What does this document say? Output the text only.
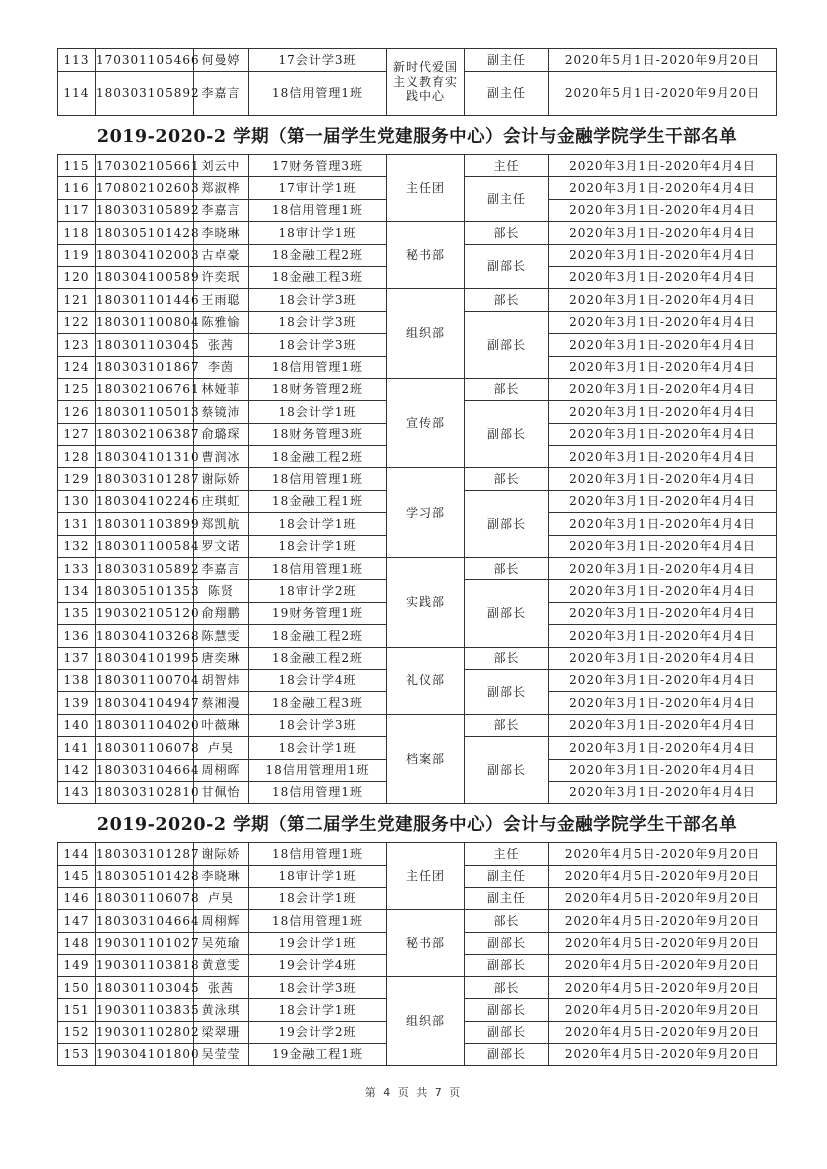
113	170301105466	何曼婷	17会计学3班	新时代爱国主义教育实践中心	副主任	2020年5月1日-2020年9月20日
114	180303105892	李嘉言	18信用管理1班		副主任	2020年5月1日-2020年9月20日
2019-2020-2 学期（第一届学生党建服务中心）会计与金融学院学生干部名单
115	170302105661	刘云中	17财务管理3班	主任团	主任	2020年3月1日-2020年4月4日
116	170802102603	郑淑桦	17审计学1班		副主任	2020年3月1日-2020年4月4日
117	180303105892	李嘉言	18信用管理1班			2020年3月1日-2020年4月4日
118	180305101428	李晓琳	18审计学1班	秘书部	部长	2020年3月1日-2020年4月4日
119	180304102003	古卓豪	18金融工程2班		副部长	2020年3月1日-2020年4月4日
120	180304100589	许奕珉	18金融工程3班			2020年3月1日-2020年4月4日
121	180301101446	王雨聪	18会计学3班	组织部	部长	2020年3月1日-2020年4月4日
122	180301100804	陈雅愉	18会计学3班		副部长	2020年3月1日-2020年4月4日
123	180301103045	张茜	18会计学3班			2020年3月1日-2020年4月4日
124	180303101867	李茵	18信用管理1班			2020年3月1日-2020年4月4日
125	180302106761	林娅菲	18财务管理2班	宣传部	部长	2020年3月1日-2020年4月4日
126	180301105013	蔡镜沛	18会计学1班		副部长	2020年3月1日-2020年4月4日
127	180302106387	俞璐琛	18财务管理3班			2020年3月1日-2020年4月4日
128	180304101310	曹润冰	18金融工程2班			2020年3月1日-2020年4月4日
129	180303101287	谢际娇	18信用管理1班	学习部	部长	2020年3月1日-2020年4月4日
130	180304102246	庄琪虹	18金融工程1班		副部长	2020年3月1日-2020年4月4日
131	180301103899	郑凯航	18会计学1班			2020年3月1日-2020年4月4日
132	180301100584	罗文诺	18会计学1班			2020年3月1日-2020年4月4日
133	180303105892	李嘉言	18信用管理1班	实践部	部长	2020年3月1日-2020年4月4日
134	180305101353	陈贤	18审计学2班		副部长	2020年3月1日-2020年4月4日
135	190302105120	俞翔鹏	19财务管理1班			2020年3月1日-2020年4月4日
136	180304103268	陈慧雯	18金融工程2班			2020年3月1日-2020年4月4日
137	180304101995	唐奕琳	18金融工程2班	礼仪部	部长	2020年3月1日-2020年4月4日
138	180301100704	胡智炜	18会计学4班		副部长	2020年3月1日-2020年4月4日
139	180304104947	蔡湘漫	18金融工程3班			2020年3月1日-2020年4月4日
140	180301104020	叶薇琳	18会计学3班	档案部	部长	2020年3月1日-2020年4月4日
141	180301106078	卢昊	18会计学1班		副部长	2020年3月1日-2020年4月4日
142	180303104664	周栩晖	18信用管理用1班			2020年3月1日-2020年4月4日
143	180303102810	甘佩怡	18信用管理1班			2020年3月1日-2020年4月4日
2019-2020-2 学期（第二届学生党建服务中心）会计与金融学院学生干部名单
144	180303101287	谢际娇	18信用管理1班	主任团	主任	2020年4月5日-2020年9月20日
145	180305101428	李晓琳	18审计学1班		副主任	2020年4月5日-2020年9月20日
146	180301106078	卢昊	18会计学1班		副主任	2020年4月5日-2020年9月20日
147	180303104664	周栩辉	18信用管理1班	秘书部	部长	2020年4月5日-2020年9月20日
148	190301101027	吴苑瑜	19会计学1班		副部长	2020年4月5日-2020年9月20日
149	190301103818	黄意雯	19会计学4班		副部长	2020年4月5日-2020年9月20日
150	180301103045	张茜	18会计学3班	组织部	部长	2020年4月5日-2020年9月20日
151	190301103835	黄泳琪	18会计学1班		副部长	2020年4月5日-2020年9月20日
152	190301102802	梁翠珊	19会计学2班		副部长	2020年4月5日-2020年9月20日
153	190304101800	吴莹莹	19金融工程1班		副部长	2020年4月5日-2020年9月20日
第 4 页 共 7 页
